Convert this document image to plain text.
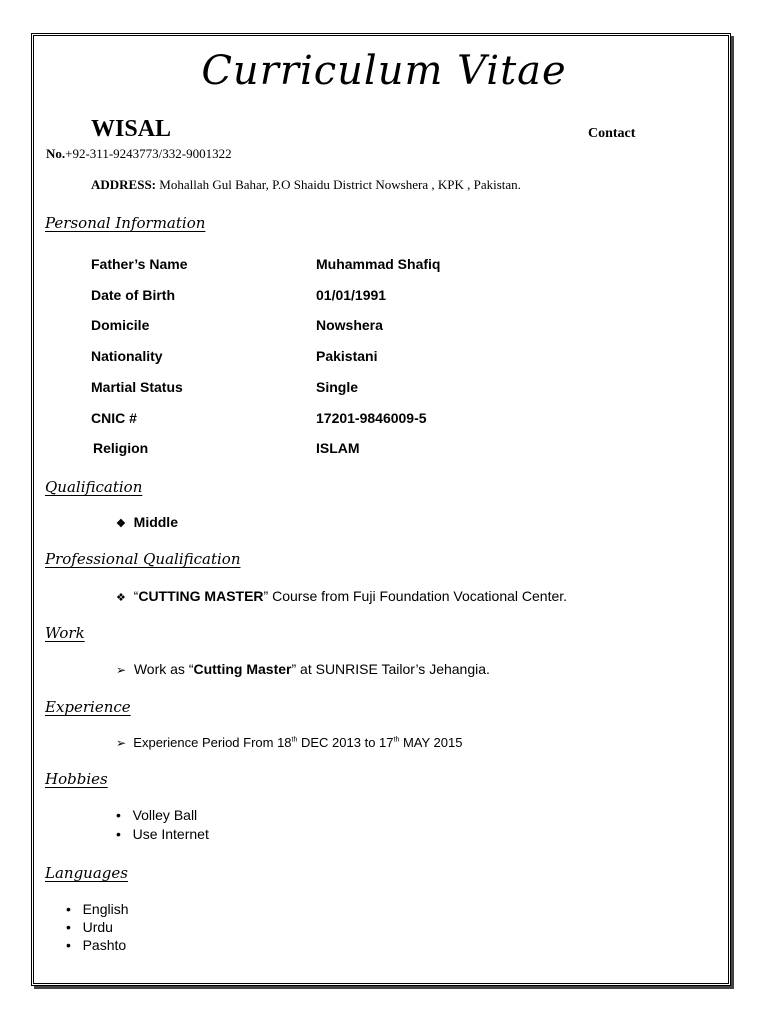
Curriculum Vitae
WISAL	Contact
No.+92-311-9243773/332-9001322
ADDRESS: Mohallah Gul Bahar, P.O Shaidu District Nowshera , KPK , Pakistan.
Personal Information
Father’s Name	Muhammad Shafiq
Date of Birth	01/01/1991
Domicile	Nowshera
Nationality	Pakistani
Martial Status	Single
CNIC #	17201-9846009-5
Religion	ISLAM
Qualification
❖ Middle
Professional Qualification
❖ “CUTTING MASTER” Course from Fuji Foundation Vocational Center.
Work
➢ Work as “Cutting Master” at SUNRISE Tailor’s Jehangia.
Experience
➢ Experience Period From 18th DEC 2013 to 17th MAY 2015
Hobbies
• Volley Ball
• Use Internet
Languages
• English
• Urdu
• Pashto
